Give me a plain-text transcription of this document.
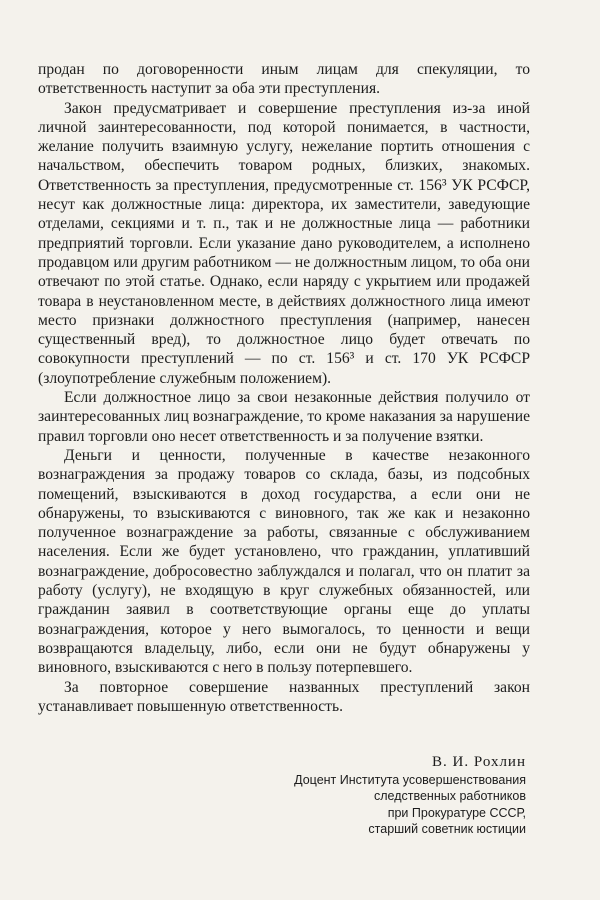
продан по договоренности иным лицам для спекуляции, то ответственность наступит за оба эти преступления.

Закон предусматривает и совершение преступления из-за иной личной заинтересованности, под которой понимается, в частности, желание получить взаимную услугу, нежелание портить отношения с начальством, обеспечить товаром родных, близких, знакомых. Ответственность за преступления, предусмотренные ст. 156³ УК РСФСР, несут как должностные лица: директора, их заместители, заведующие отделами, секциями и т. п., так и не должностные лица — работники предприятий торговли. Если указание дано руководителем, а исполнено продавцом или другим работником — не должностным лицом, то оба они отвечают по этой статье. Однако, если наряду с укрытием или продажей товара в неустановленном месте, в действиях должностного лица имеют место признаки должностного преступления (например, нанесен существенный вред), то должностное лицо будет отвечать по совокупности преступлений — по ст. 156³ и ст. 170 УК РСФСР (злоупотребление служебным положением).

Если должностное лицо за свои незаконные действия получило от заинтересованных лиц вознаграждение, то кроме наказания за нарушение правил торговли оно несет ответственность и за получение взятки.

Деньги и ценности, полученные в качестве незаконного вознаграждения за продажу товаров со склада, базы, из подсобных помещений, взыскиваются в доход государства, а если они не обнаружены, то взыскиваются с виновного, так же как и незаконно полученное вознаграждение за работы, связанные с обслуживанием населения. Если же будет установлено, что гражданин, уплативший вознаграждение, добросовестно заблуждался и полагал, что он платит за работу (услугу), не входящую в круг служебных обязанностей, или гражданин заявил в соответствующие органы еще до уплаты вознаграждения, которое у него вымогалось, то ценности и вещи возвращаются владельцу, либо, если они не будут обнаружены у виновного, взыскиваются с него в пользу потерпевшего.

За повторное совершение названных преступлений закон устанавливает повышенную ответственность.

В. И. Рохлин
Доцент Института усовершенствования
следственных работников
при Прокуратуре СССР,
старший советник юстиции
